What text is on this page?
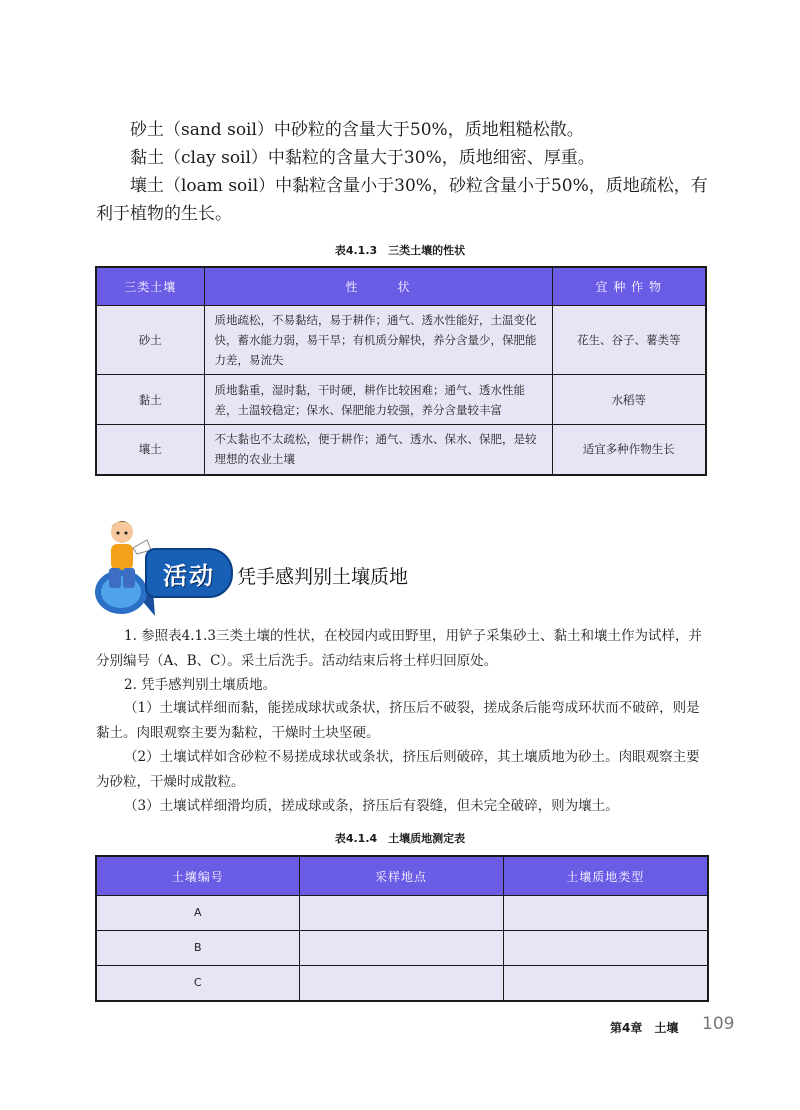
砂土（sand soil）中砂粒的含量大于50%，质地粗糙松散。

黏土（clay soil）中黏粒的含量大于30%，质地细密、厚重。

壤土（loam soil）中黏粒含量小于30%，砂粒含量小于50%，质地疏松，有利于植物的生长。

表4.1.3　三类土壤的性状

三类土壤	性　　　状	宜 种 作 物
砂土	质地疏松，不易黏结，易于耕作；通气、透水性能好，土温变化快，蓄水能力弱，易干旱；有机质分解快，养分含量少，保肥能力差，易流失	花生、谷子、薯类等
黏土	质地黏重，湿时黏，干时硬，耕作比较困难；通气、透水性能差，土温较稳定；保水、保肥能力较强，养分含量较丰富	水稻等
壤土	不太黏也不太疏松，便于耕作；通气、透水、保水、保肥，是较理想的农业土壤	适宜多种作物生长
活动	凭手感判别土壤质地

1. 参照表4.1.3三类土壤的性状，在校园内或田野里，用铲子采集砂土、黏土和壤土作为试样，并分别编号（A、B、C）。采土后洗手。活动结束后将土样归回原处。

2. 凭手感判别土壤质地。

（1）土壤试样细而黏，能搓成球状或条状，挤压后不破裂，搓成条后能弯成环状而不破碎，则是黏土。肉眼观察主要为黏粒，干燥时土块坚硬。

（2）土壤试样如含砂粒不易搓成球状或条状，挤压后则破碎，其土壤质地为砂土。肉眼观察主要为砂粒，干燥时成散粒。

（3）土壤试样细滑均质，搓成球或条，挤压后有裂缝，但未完全破碎，则为壤土。

表4.1.4　土壤质地测定表

土壤编号	采样地点	土壤质地类型
A		
B		
C		
第4章　土壤 109
